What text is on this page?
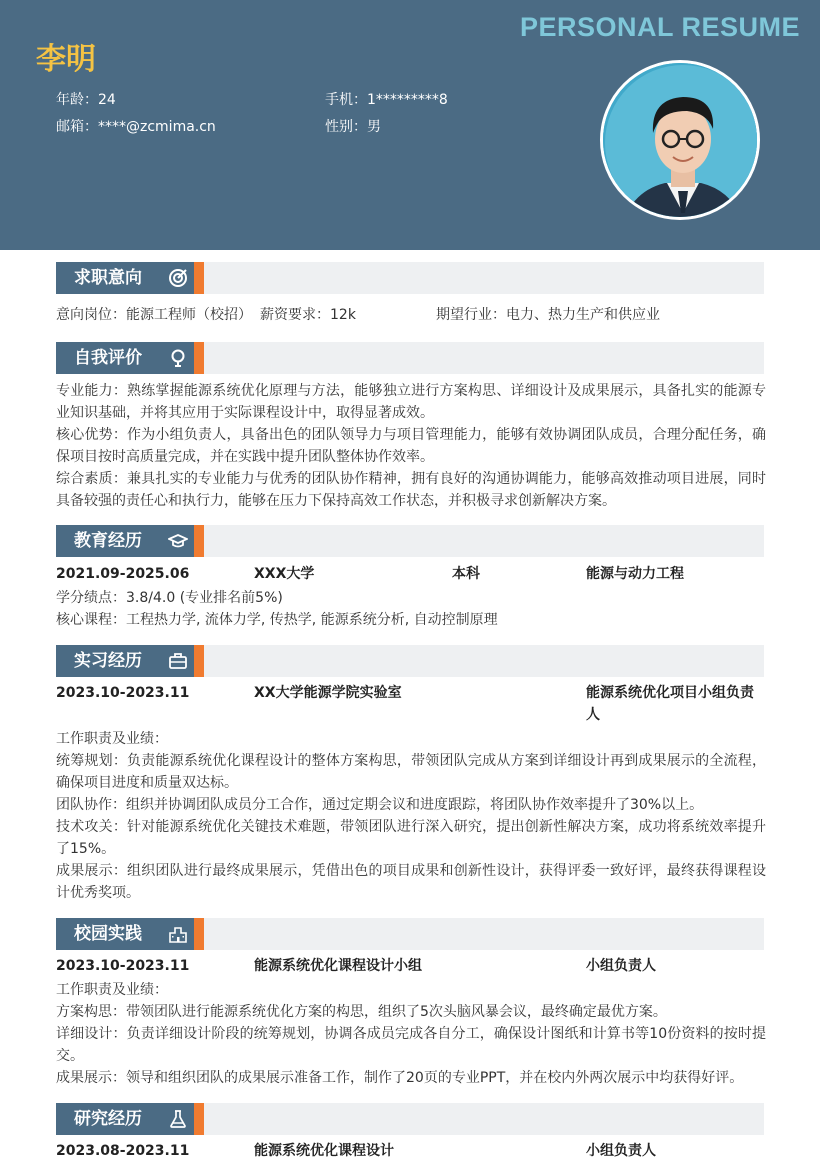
PERSONAL RESUME
李明
年龄：24	手机：1*********8
邮箱：****@zcmima.cn	性别：男
求职意向
意向岗位：能源工程师（校招） 薪资要求：12k	期望行业：电力、热力生产和供应业
自我评价
专业能力：熟练掌握能源系统优化原理与方法，能够独立进行方案构思、详细设计及成果展示，具备扎实的能源专业知识基础，并将其应用于实际课程设计中，取得显著成效。
核心优势：作为小组负责人，具备出色的团队领导力与项目管理能力，能够有效协调团队成员，合理分配任务，确保项目按时高质量完成，并在实践中提升团队整体协作效率。
综合素质：兼具扎实的专业能力与优秀的团队协作精神，拥有良好的沟通协调能力，能够高效推动项目进展，同时具备较强的责任心和执行力，能够在压力下保持高效工作状态，并积极寻求创新解决方案。
教育经历
2021.09-2025.06	XXX大学	本科	能源与动力工程
学分绩点：3.8/4.0 (专业排名前5%)
核心课程：工程热力学, 流体力学, 传热学, 能源系统分析, 自动控制原理
实习经历
2023.10-2023.11	XX大学能源学院实验室	能源系统优化项目小组负责人
工作职责及业绩：
统筹规划：负责能源系统优化课程设计的整体方案构思，带领团队完成从方案到详细设计再到成果展示的全流程，确保项目进度和质量双达标。
团队协作：组织并协调团队成员分工合作，通过定期会议和进度跟踪，将团队协作效率提升了30%以上。
技术攻关：针对能源系统优化关键技术难题，带领团队进行深入研究，提出创新性解决方案，成功将系统效率提升了15%。
成果展示：组织团队进行最终成果展示，凭借出色的项目成果和创新性设计，获得评委一致好评，最终获得课程设计优秀奖项。
校园实践
2023.10-2023.11	能源系统优化课程设计小组	小组负责人
工作职责及业绩：
方案构思：带领团队进行能源系统优化方案的构思，组织了5次头脑风暴会议，最终确定最优方案。
详细设计：负责详细设计阶段的统筹规划，协调各成员完成各自分工，确保设计图纸和计算书等10份资料的按时提交。
成果展示：领导和组织团队的成果展示准备工作，制作了20页的专业PPT，并在校内外两次展示中均获得好评。
研究经历
2023.08-2023.11	能源系统优化课程设计	小组负责人
